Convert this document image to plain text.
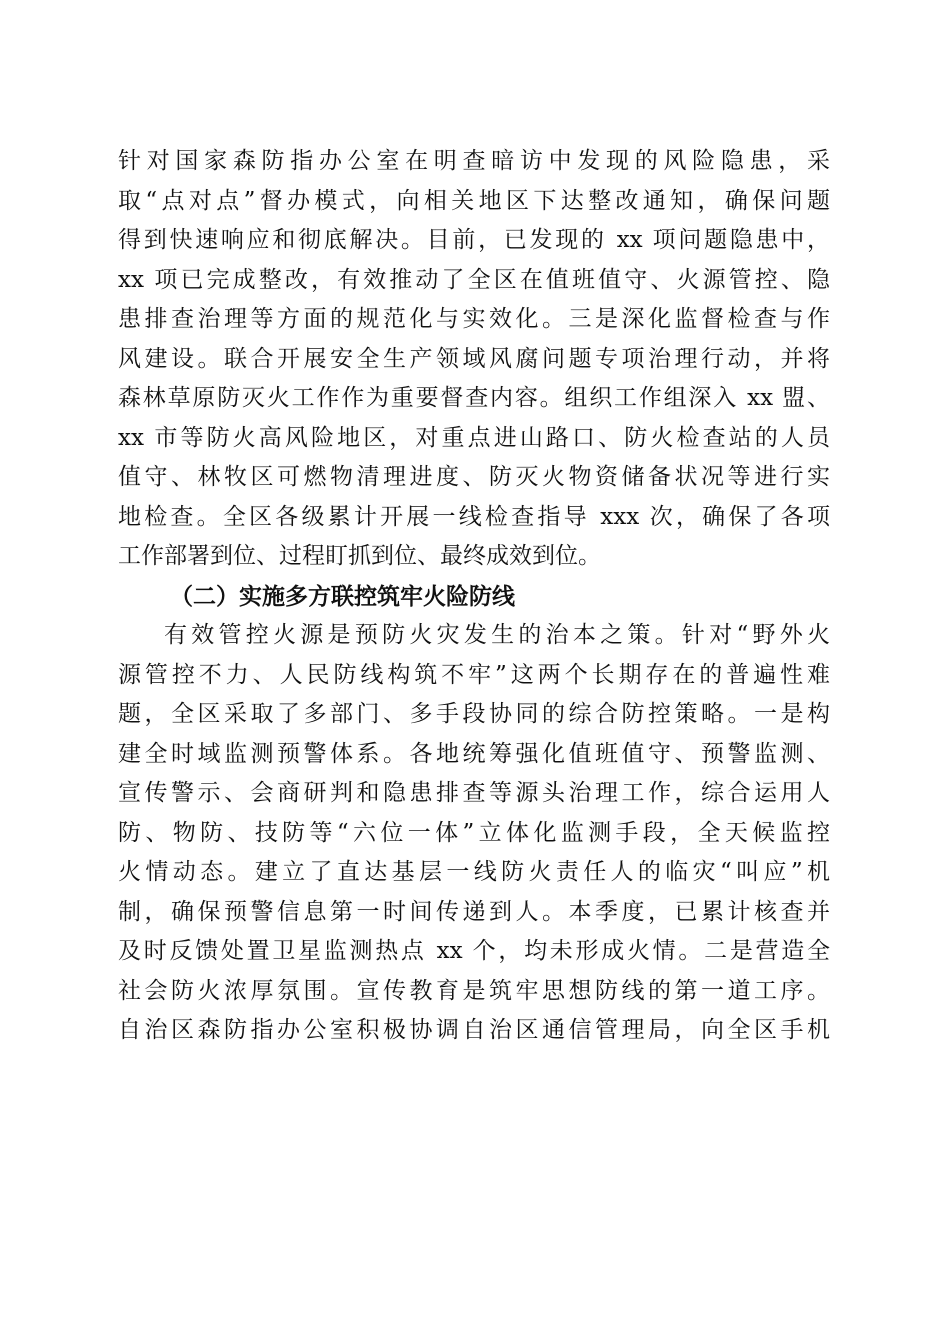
针对国家森防指办公室在明查暗访中发现的风险隐患，采
取“点对点”督办模式，向相关地区下达整改通知，确保问题
得到快速响应和彻底解决。目前，已发现的 xx 项问题隐患中，
xx 项已完成整改，有效推动了全区在值班值守、火源管控、隐
患排查治理等方面的规范化与实效化。三是深化监督检查与作
风建设。联合开展安全生产领域风腐问题专项治理行动，并将
森林草原防灭火工作作为重要督查内容。组织工作组深入 xx 盟、
xx 市等防火高风险地区，对重点进山路口、防火检查站的人员
值守、林牧区可燃物清理进度、防灭火物资储备状况等进行实
地检查。全区各级累计开展一线检查指导 xxx 次，确保了各项
工作部署到位、过程盯抓到位、最终成效到位。
（二）实施多方联控筑牢火险防线
有效管控火源是预防火灾发生的治本之策。针对“野外火
源管控不力、人民防线构筑不牢”这两个长期存在的普遍性难
题，全区采取了多部门、多手段协同的综合防控策略。一是构
建全时域监测预警体系。各地统筹强化值班值守、预警监测、
宣传警示、会商研判和隐患排查等源头治理工作，综合运用人
防、物防、技防等“六位一体”立体化监测手段，全天候监控
火情动态。建立了直达基层一线防火责任人的临灾“叫应”机
制，确保预警信息第一时间传递到人。本季度，已累计核查并
及时反馈处置卫星监测热点 xx 个，均未形成火情。二是营造全
社会防火浓厚氛围。宣传教育是筑牢思想防线的第一道工序。
自治区森防指办公室积极协调自治区通信管理局，向全区手机
